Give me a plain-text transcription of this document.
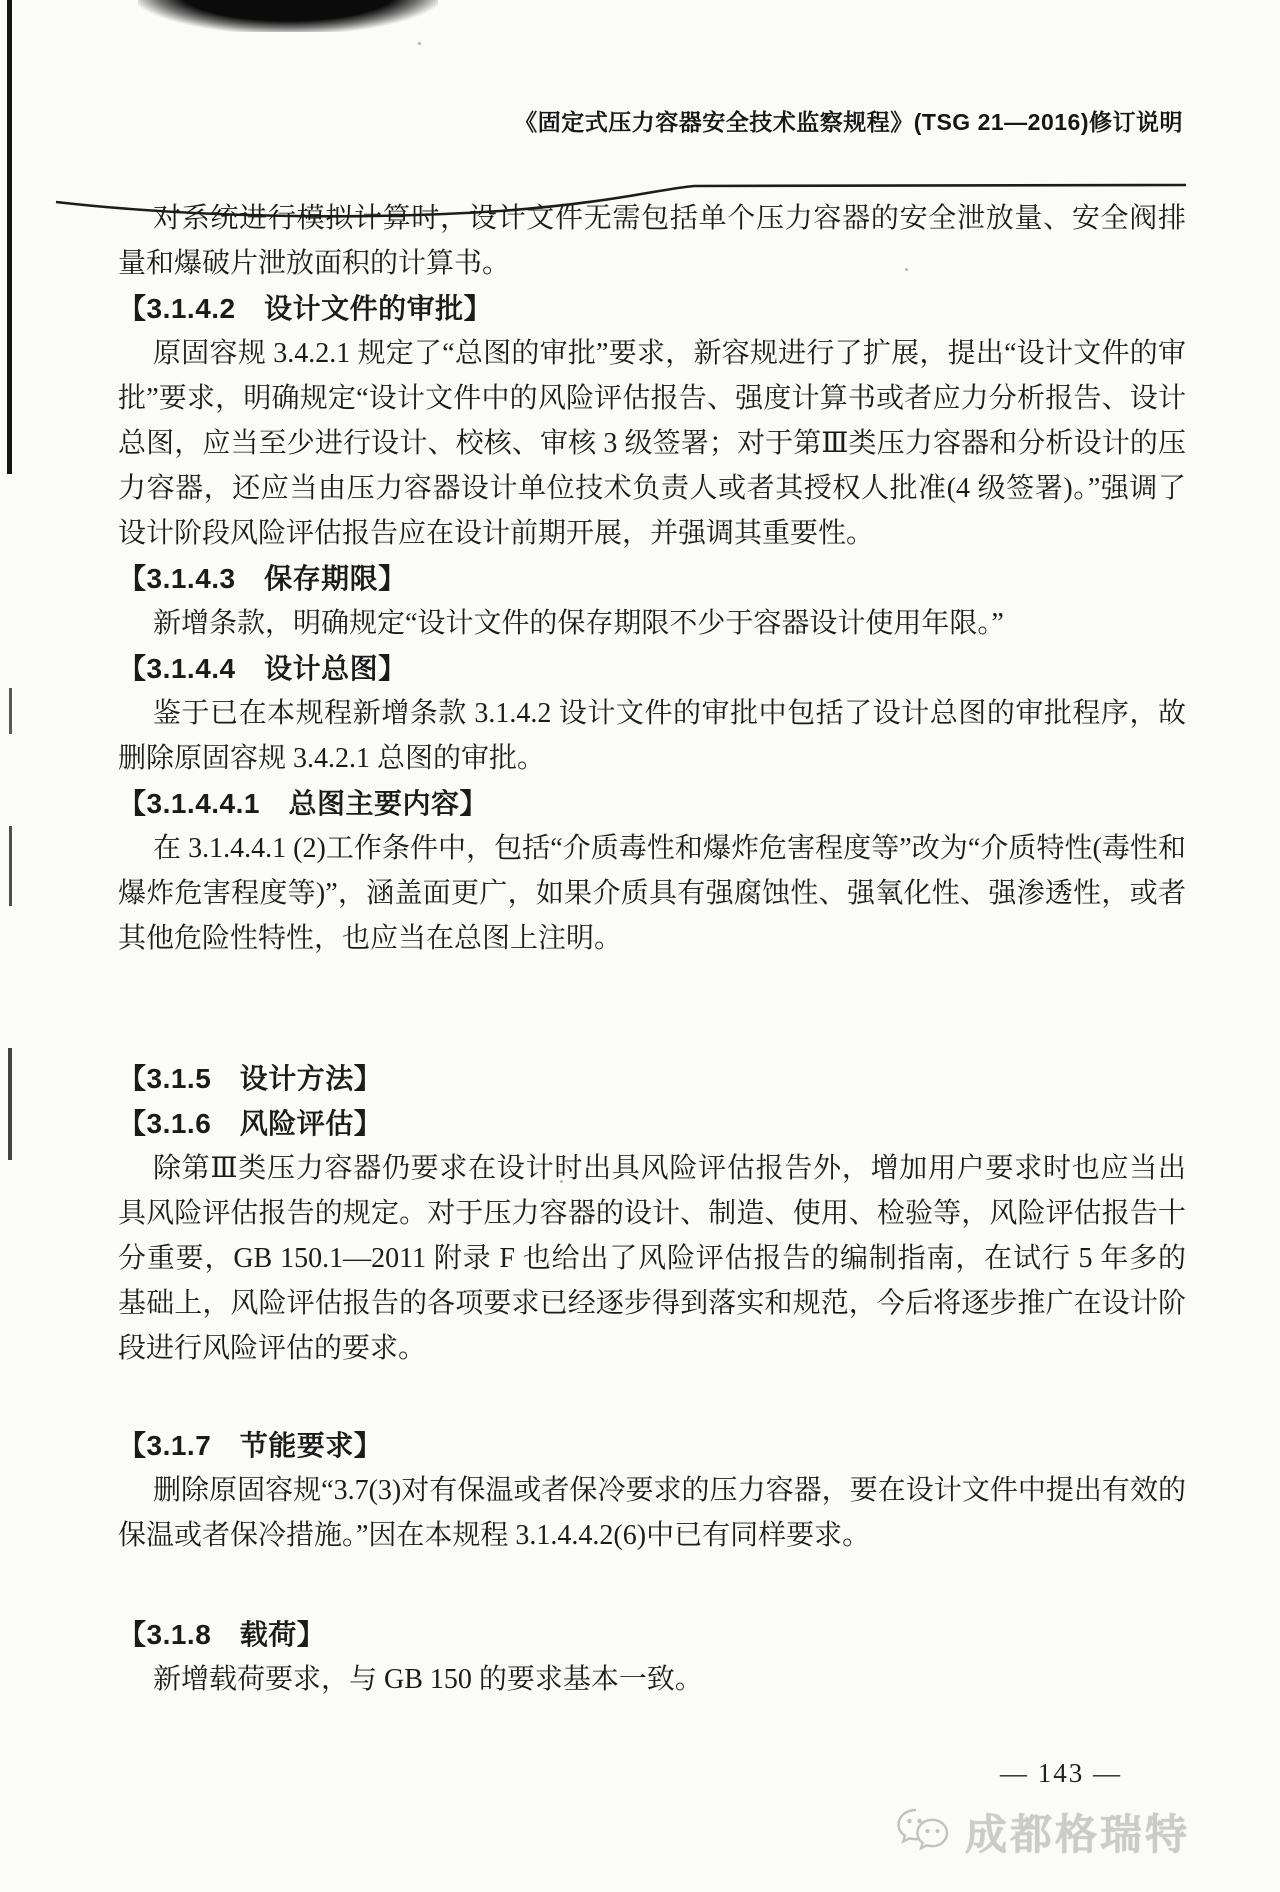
《固定式压力容器安全技术监察规程》(TSG 21—2016)修订说明

对系统进行模拟计算时，设计文件无需包括单个压力容器的安全泄放量、安全阀排量和爆破片泄放面积的计算书。

【3.1.4.2　设计文件的审批】

原固容规 3.4.2.1 规定了“总图的审批”要求，新容规进行了扩展，提出“设计文件的审批”要求，明确规定“设计文件中的风险评估报告、强度计算书或者应力分析报告、设计总图，应当至少进行设计、校核、审核 3 级签署；对于第Ⅲ类压力容器和分析设计的压力容器，还应当由压力容器设计单位技术负责人或者其授权人批准(4 级签署)。”强调了设计阶段风险评估报告应在设计前期开展，并强调其重要性。

【3.1.4.3　保存期限】

新增条款，明确规定“设计文件的保存期限不少于容器设计使用年限。”

【3.1.4.4　设计总图】

鉴于已在本规程新增条款 3.1.4.2 设计文件的审批中包括了设计总图的审批程序，故删除原固容规 3.4.2.1 总图的审批。

【3.1.4.4.1　总图主要内容】

在 3.1.4.4.1 (2)工作条件中，包括“介质毒性和爆炸危害程度等”改为“介质特性(毒性和爆炸危害程度等)”，涵盖面更广，如果介质具有强腐蚀性、强氧化性、强渗透性，或者其他危险性特性，也应当在总图上注明。

【3.1.5　设计方法】
【3.1.6　风险评估】

除第Ⅲ类压力容器仍要求在设计时出具风险评估报告外，增加用户要求时也应当出具风险评估报告的规定。对于压力容器的设计、制造、使用、检验等，风险评估报告十分重要，GB 150.1—2011 附录 F 也给出了风险评估报告的编制指南，在试行 5 年多的基础上，风险评估报告的各项要求已经逐步得到落实和规范，今后将逐步推广在设计阶段进行风险评估的要求。

【3.1.7　节能要求】

删除原固容规“3.7(3)对有保温或者保冷要求的压力容器，要在设计文件中提出有效的保温或者保冷措施。”因在本规程 3.1.4.4.2(6)中已有同样要求。

【3.1.8　载荷】

新增载荷要求，与 GB 150 的要求基本一致。

— 143 —
成都格瑞特
